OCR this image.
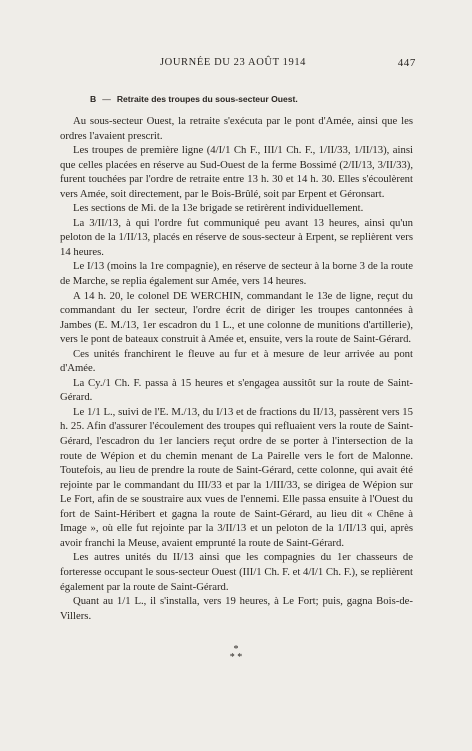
JOURNÉE DU 23 AOÛT 1914	447
B — Retraite des troupes du sous-secteur Ouest.

Au sous-secteur Ouest, la retraite s'exécuta par le pont d'Amée, ainsi que les ordres l'avaient prescrit.

Les troupes de première ligne (4/I/1 Ch F., III/1 Ch. F., 1/II/33, 1/II/13), ainsi que celles placées en réserve au Sud-Ouest de la ferme Bossimé (2/II/13, 3/II/33), furent touchées par l'ordre de retraite entre 13 h. 30 et 14 h. 30. Elles s'écoulèrent vers Amée, soit directement, par le Bois-Brûlé, soit par Erpent et Géronsart.

Les sections de Mi. de la 13e brigade se retirèrent individuellement.

La 3/II/13, à qui l'ordre fut communiqué peu avant 13 heures, ainsi qu'un peloton de la 1/II/13, placés en réserve de sous-secteur à Erpent, se replièrent vers 14 heures.

Le I/13 (moins la 1re compagnie), en réserve de secteur à la borne 3 de la route de Marche, se replia également sur Amée, vers 14 heures.

A 14 h. 20, le colonel DE WERCHIN, commandant le 13e de ligne, reçut du commandant du Ier secteur, l'ordre écrit de diriger les troupes cantonnées à Jambes (E. M./13, 1er escadron du 1 L., et une colonne de munitions d'artillerie), vers le pont de bateaux construit à Amée et, ensuite, vers la route de Saint-Gérard.

Ces unités franchirent le fleuve au fur et à mesure de leur arrivée au pont d'Amée.

La Cy./1 Ch. F. passa à 15 heures et s'engagea aussitôt sur la route de Saint-Gérard.

Le 1/1 L., suivi de l'E. M./13, du I/13 et de fractions du II/13, passèrent vers 15 h. 25. Afin d'assurer l'écoulement des troupes qui refluaient vers la route de Saint-Gérard, l'escadron du 1er lanciers reçut ordre de se porter à l'intersection de la route de Wépion et du chemin menant de La Pairelle vers le fort de Malonne. Toutefois, au lieu de prendre la route de Saint-Gérard, cette colonne, qui avait été rejointe par le commandant du III/33 et par la 1/III/33, se dirigea de Wépion sur Le Fort, afin de se soustraire aux vues de l'ennemi. Elle passa ensuite à l'Ouest du fort de Saint-Héribert et gagna la route de Saint-Gérard, au lieu dit « Chêne à Image », où elle fut rejointe par la 3/II/13 et un peloton de la 1/II/13 qui, après avoir franchi la Meuse, avaient emprunté la route de Saint-Gérard.

Les autres unités du II/13 ainsi que les compagnies du 1er chasseurs de forteresse occupant le sous-secteur Ouest (III/1 Ch. F. et 4/I/1 Ch. F.), se replièrent également par la route de Saint-Gérard.

Quant au 1/1 L., il s'installa, vers 19 heures, à Le Fort; puis, gagna Bois-de-Villers.

*
* *
